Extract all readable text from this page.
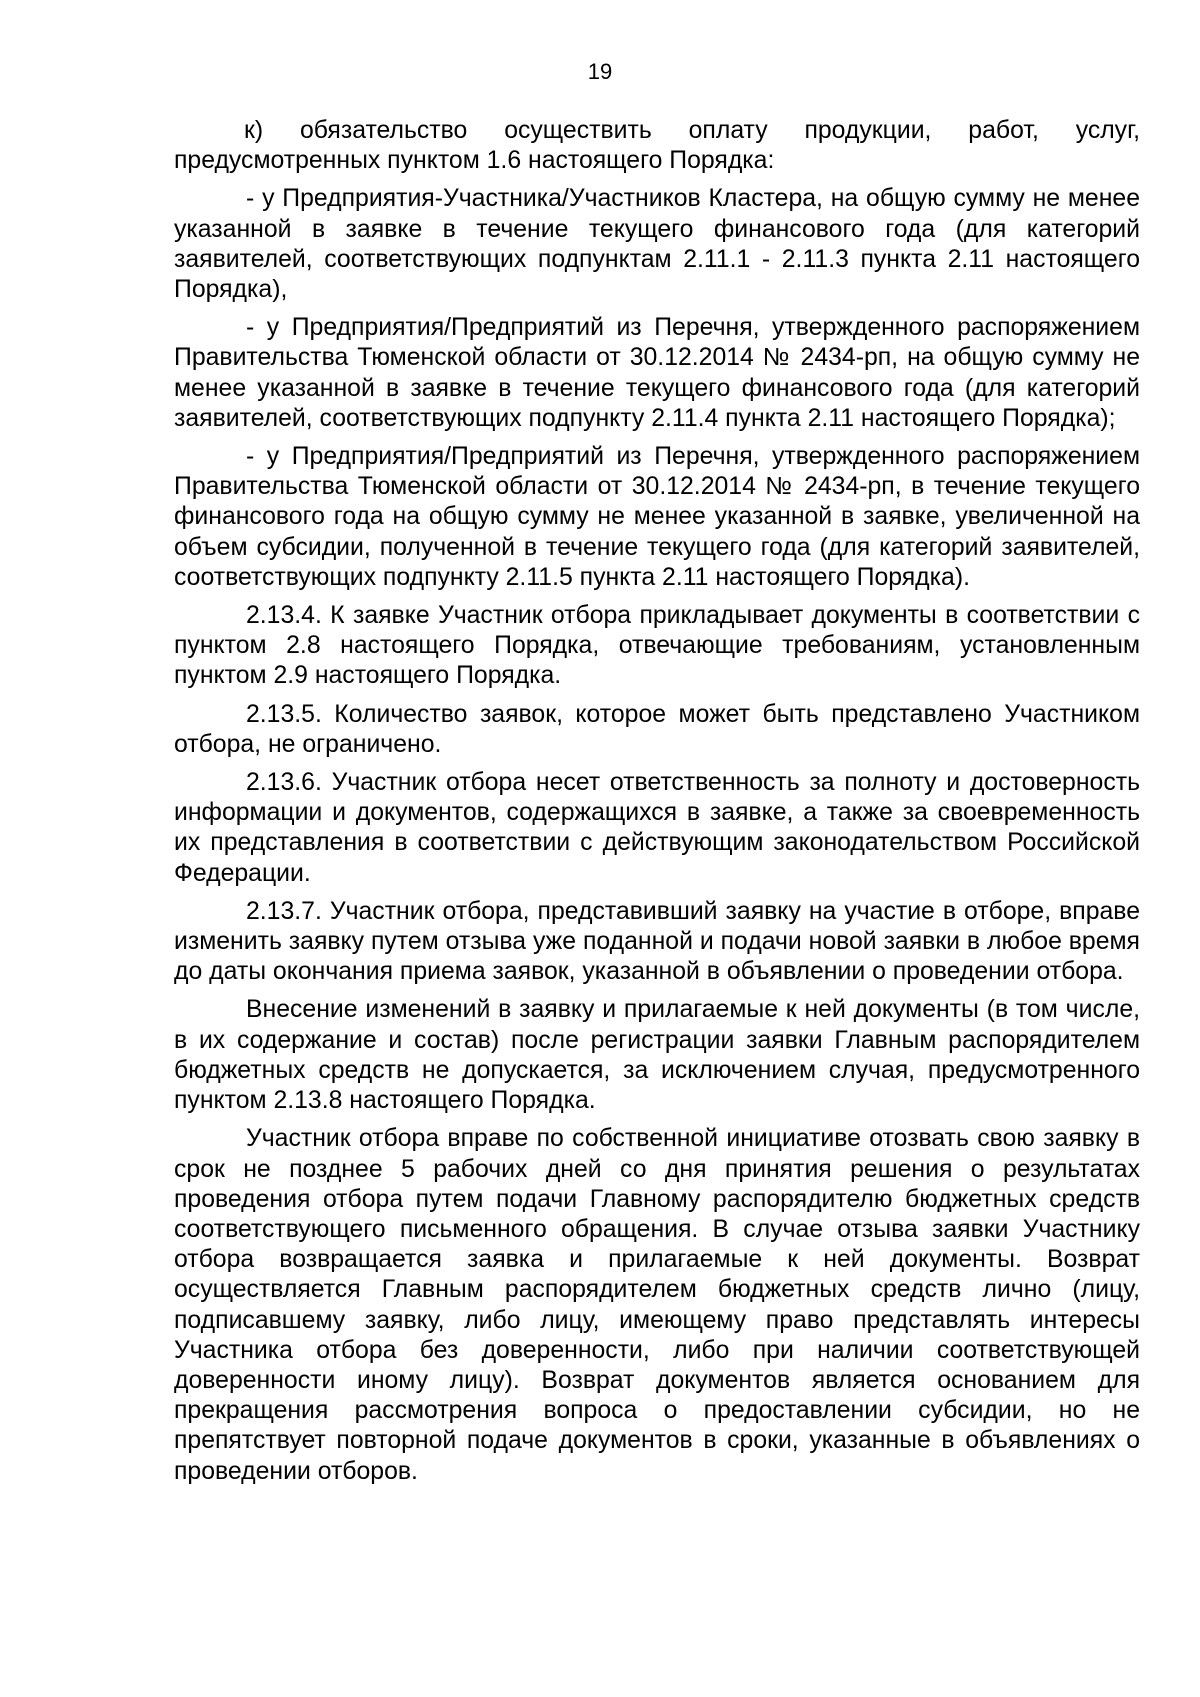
19

к) обязательство осуществить оплату продукции, работ, услуг, предусмотренных пунктом 1.6 настоящего Порядка:

- у Предприятия-Участника/Участников Кластера, на общую сумму не менее указанной в заявке в течение текущего финансового года (для категорий заявителей, соответствующих подпунктам 2.11.1 - 2.11.3 пункта 2.11 настоящего Порядка),

- у Предприятия/Предприятий из Перечня, утвержденного распоряжением Правительства Тюменской области от 30.12.2014 № 2434-рп, на общую сумму не менее указанной в заявке в течение текущего финансового года (для категорий заявителей, соответствующих подпункту 2.11.4 пункта 2.11 настоящего Порядка);

- у Предприятия/Предприятий из Перечня, утвержденного распоряжением Правительства Тюменской области от 30.12.2014 № 2434-рп, в течение текущего финансового года на общую сумму не менее указанной в заявке, увеличенной на объем субсидии, полученной в течение текущего года (для категорий заявителей, соответствующих подпункту 2.11.5 пункта 2.11 настоящего Порядка).

2.13.4. К заявке Участник отбора прикладывает документы в соответствии с пунктом 2.8 настоящего Порядка, отвечающие требованиям, установленным пунктом 2.9 настоящего Порядка.

2.13.5. Количество заявок, которое может быть представлено Участником отбора, не ограничено.

2.13.6. Участник отбора несет ответственность за полноту и достоверность информации и документов, содержащихся в заявке, а также за своевременность их представления в соответствии с действующим законодательством Российской Федерации.

2.13.7. Участник отбора, представивший заявку на участие в отборе, вправе изменить заявку путем отзыва уже поданной и подачи новой заявки в любое время до даты окончания приема заявок, указанной в объявлении о проведении отбора.

Внесение изменений в заявку и прилагаемые к ней документы (в том числе, в их содержание и состав) после регистрации заявки Главным распорядителем бюджетных средств не допускается, за исключением случая, предусмотренного пунктом 2.13.8 настоящего Порядка.

Участник отбора вправе по собственной инициативе отозвать свою заявку в срок не позднее 5 рабочих дней со дня принятия решения о результатах проведения отбора путем подачи Главному распорядителю бюджетных средств соответствующего письменного обращения. В случае отзыва заявки Участнику отбора возвращается заявка и прилагаемые к ней документы. Возврат осуществляется Главным распорядителем бюджетных средств лично (лицу, подписавшему заявку, либо лицу, имеющему право представлять интересы Участника отбора без доверенности, либо при наличии соответствующей доверенности иному лицу). Возврат документов является основанием для прекращения рассмотрения вопроса о предоставлении субсидии, но не препятствует повторной подаче документов в сроки, указанные в объявлениях о проведении отборов.
